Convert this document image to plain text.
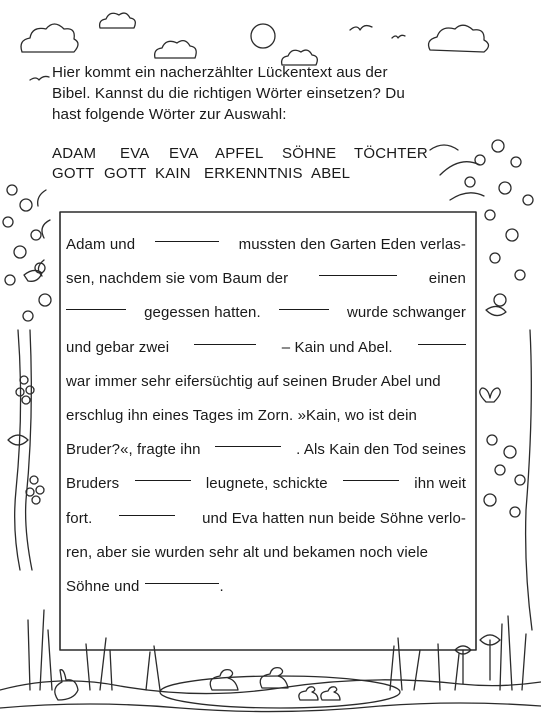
Hier kommt ein nacherzählter Lückentext aus der
Bibel. Kannst du die richtigen Wörter einsetzen? Du
hast folgende Wörter zur Auswahl:
ADAM EVA EVA APFEL SÖHNE TÖCHTER
GOTT GOTT KAIN ERKENNTNIS ABEL
Adam und	mussten den Garten Eden verlas-
sen, nachdem sie vom Baum der	einen
gegessen hatten.	wurde schwanger
und gebar zwei	– Kain und Abel.
war immer sehr eifersüchtig auf seinen Bruder Abel und
erschlug ihn eines Tages im Zorn. »Kain, wo ist dein
Bruder?«, fragte ihn	. Als Kain den Tod seines
Bruders	leugnete, schickte	ihn weit
fort.	und Eva hatten nun beide Söhne verlo-
ren, aber sie wurden sehr alt und bekamen noch viele
Söhne und	.
